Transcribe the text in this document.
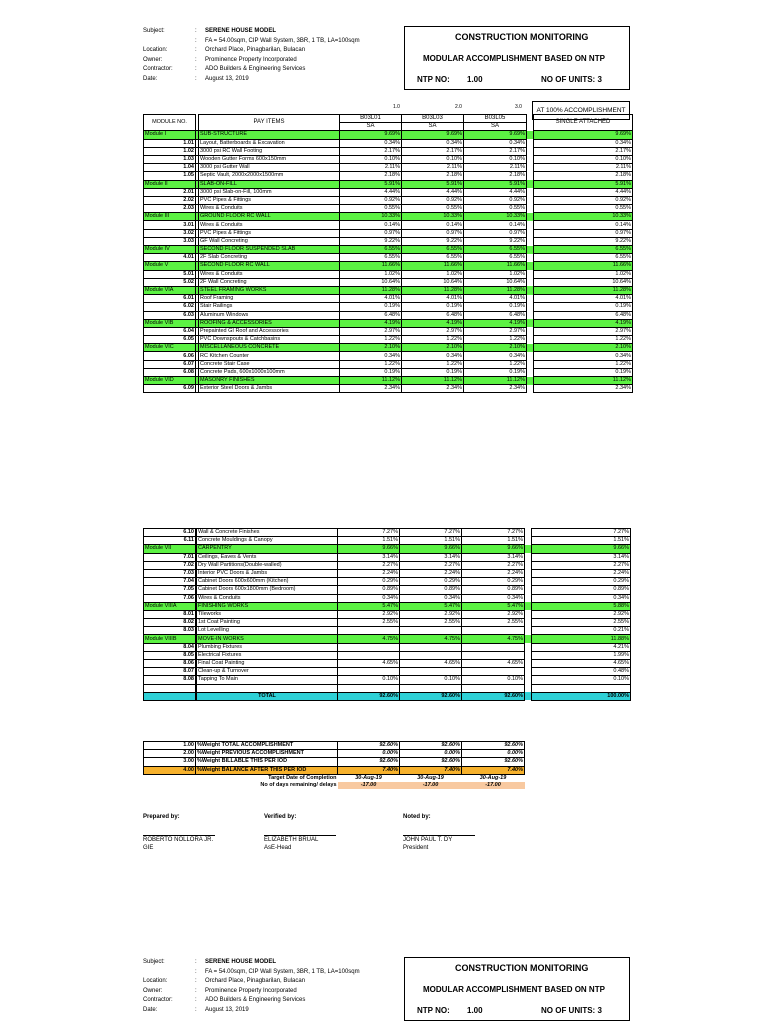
Subject:	:	SERENE HOUSE MODEL
:	FA = 54.00sqm, CIP Wall System, 3BR, 1 TB, LA=100sqm
Location:	:	Orchard Place, Pinagbarilan, Bulacan
Owner:	:	Prominence Property Incorporated
Contractor:	:	ADO Builders & Engineering Services
Date:	:	August 13, 2019
CONSTRUCTION MONITORING
MODULAR ACCOMPLISHMENT BASED ON NTP
NTP NO: 1.00	NO OF UNITS: 3
1.0	2.0	3.0	AT 100% ACCOMPLISHMENT
MODULE NO.		PAY ITEMS	B03L01	B03L03	B03L05		SINGLE ATTACHED
			SA	SA	SA		
Module I		SUB-STRUCTURE	9.69%	9.69%	9.69%		9.69%
1.01		Layout, Batterboards & Excavation	0.34%	0.34%	0.34%		0.34%
1.02		3000 psi RC Wall Footing	2.17%	2.17%	2.17%		2.17%
1.03		Wooden Gutter Forms 600x150mm	0.10%	0.10%	0.10%		0.10%
1.04		3000 psi Gutter Wall	2.11%	2.11%	2.11%		2.11%
1.05		Septic Vault, 2000x2000x1500mm	2.18%	2.18%	2.18%		2.18%
Module II		SLAB-ON-FILL	5.91%	5.91%	5.91%		5.91%
2.01		3000 psi Slab-on-Fill, 100mm	4.44%	4.44%	4.44%		4.44%
2.02		PVC Pipes & Fittings	0.92%	0.92%	0.92%		0.92%
2.03		Wires & Conduits	0.55%	0.55%	0.55%		0.55%
Module III		GROUND FLOOR RC WALL	10.33%	10.33%	10.33%		10.33%
3.01		Wires & Conduits	0.14%	0.14%	0.14%		0.14%
3.02		PVC Pipes & Fittings	0.97%	0.97%	0.97%		0.97%
3.03		GF Wall Concreting	9.22%	9.22%	9.22%		9.22%
Module IV		SECOND FLOOR SUSPENDED SLAB	6.55%	6.55%	6.55%		6.55%
4.01		2F Slab Concreting	6.55%	6.55%	6.55%		6.55%
Module V		SECOND FLOOR RC WALL	11.66%	11.66%	11.66%		11.66%
5.01		Wires & Conduits	1.02%	1.02%	1.02%		1.02%
5.02		2F Wall Concreting	10.64%	10.64%	10.64%		10.64%
Module VIA		STEEL FRAMING WORKS	11.28%	11.28%	11.28%		11.28%
6.01		Roof Framing	4.01%	4.01%	4.01%		4.01%
6.02		Stair Railings	0.19%	0.19%	0.19%		0.19%
6.03		Aluminum Windows	6.48%	6.48%	6.48%		6.48%
Module VIB		ROOFING & ACCESSORIES	4.19%	4.19%	4.19%		4.19%
6.04		Prepainted GI Roof and Accessories	2.97%	2.97%	2.97%		2.97%
6.05		PVC Downspouts & Catchbasins	1.22%	1.22%	1.22%		1.22%
Module VIC		MISCELLANEOUS CONCRETE	2.10%	2.10%	2.10%		2.10%
6.06		RC Kitchen Counter	0.34%	0.34%	0.34%		0.34%
6.07		Concrete Stair Case	1.22%	1.22%	1.22%		1.22%
6.08		Concrete Pads, 600x1000x100mm	0.19%	0.19%	0.19%		0.19%
Module VID		MASONRY FINISHES	11.12%	11.12%	11.12%		11.12%
6.09		Exterior Steel Doors & Jambs	2.34%	2.34%	2.34%		2.34%
6.10		Wall & Concrete Finishes	7.27%	7.27%	7.27%		7.27%
6.11		Concrete Mouldings & Canopy	1.51%	1.51%	1.51%		1.51%
Module VII		CARPENTRY	9.66%	9.66%	9.66%		9.66%
7.01		Ceilings, Eaves & Vents	3.14%	3.14%	3.14%		3.14%
7.02		Dry Wall Partitions(Double-walled)	2.27%	2.27%	2.27%		2.27%
7.03		Interior PVC Doors & Jambs	2.24%	2.24%	2.24%		2.24%
7.04		Cabinet Doors 600x600mm (Kitchen)	0.29%	0.29%	0.29%		0.29%
7.05		Cabinet Doors 600x1800mm (Bedroom)	0.89%	0.89%	0.89%		0.89%
7.06		Wires & Conduits	0.34%	0.34%	0.34%		0.34%
Module VIIIA		FINISHING WORKS	5.47%	5.47%	5.47%		5.88%
8.01		Tileworks	2.92%	2.92%	2.92%		2.92%
8.02		1st Coat Painting	2.55%	2.55%	2.55%		2.55%
8.03		Lot Levelling					0.21%
Module VIIIB		MOVE-IN WORKS	4.75%	4.75%	4.75%		11.88%
8.04		Plumbing Fixtures					4.21%
8.05		Electrical Fixtures					1.99%
8.06		Final Coat Painting	4.65%	4.65%	4.65%		4.65%
8.07		Clean-up & Turnover					0.48%
8.08		Tapping To Main	0.10%	0.10%	0.10%		0.10%

		TOTAL	92.60%	92.60%	92.60%		100.00%
1.00	%Weight TOTAL ACCOMPLISHMENT	92.60%	92.60%	92.60%
2.00	%Weight PREVIOUS ACCOMPLISHMENT	0.00%	0.00%	0.00%
3.00	%Weight BILLABLE THIS PER IOD	92.60%	92.60%	92.60%
4.00	%Weight BALANCE AFTER THIS PER IOD	7.40%	7.40%	7.40%
	Target Date of Completion	30-Aug-19	30-Aug-19	30-Aug-19
	No of days remaining/ delays	-17.00	-17.00	-17.00
Prepared by:
ROBERTO NOLLORA JR.
GIE
Verified by:
ELIZABETH BRUAL
AsE-Head
Noted by:
JOHN PAUL T. DY
President
Subject:	:	SERENE HOUSE MODEL
:	FA = 54.00sqm, CIP Wall System, 3BR, 1 TB, LA=100sqm
Location:	:	Orchard Place, Pinagbarilan, Bulacan
Owner:	:	Prominence Property Incorporated
Contractor:	:	ADO Builders & Engineering Services
Date:	:	August 13, 2019
CONSTRUCTION MONITORING
MODULAR ACCOMPLISHMENT BASED ON NTP
NTP NO: 1.00	NO OF UNITS: 3
